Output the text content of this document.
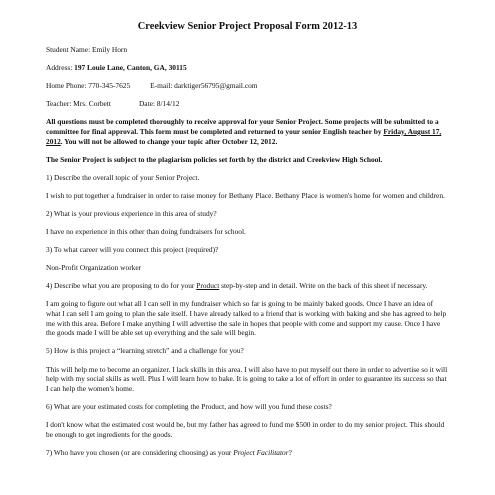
Creekview Senior Project Proposal Form 2012-13

Student Name: Emily Horn

Address: 197 Louie Lane, Canton, GA, 30115

Home Phone: 770-345-7625	E-mail: darktiger56795@gmail.com

Teacher: Mrs. Corbett	Date: 8/14/12

All questions must be completed thoroughly to receive approval for your Senior Project. Some projects will be submitted to a committee for final approval. This form must be completed and returned to your senior English teacher by Friday, August 17, 2012. You will not be allowed to change your topic after October 12, 2012.

The Senior Project is subject to the plagiarism policies set forth by the district and Creekview High School.

1) Describe the overall topic of your Senior Project.

I wish to put together a fundraiser in order to raise money for Bethany Place. Bethany Place is women's home for women and children.

2) What is your previous experience in this area of study?

I have no experience in this other than doing fundraisers for school.

3) To what career will you connect this project (required)?

Non-Profit Organization worker

4) Describe what you are proposing to do for your Product step-by-step and in detail. Write on the back of this sheet if necessary.

I am going to figure out what all I can sell in my fundraiser which so far is going to be mainly baked goods. Once I have an idea of what I can sell I am going to plan the sale itself. I have already talked to a friend that is working with baking and she has agreed to help me with this area. Before I make anything I will advertise the sale in hopes that people with come and support my cause. Once I have the goods made I will be able set up everything and the sale will begin.

5) How is this project a “learning stretch” and a challenge for you?

This will help me to become an organizer. I lack skills in this area. I will also have to put myself out there in order to advertise so it will help with my social skills as well. Plus I will learn how to bake. It is going to take a lot of effort in order to guarantee its success so that I can help the women's home.

6) What are your estimated costs for completing the Product, and how will you fund these costs?

I don't know what the estimated cost would be, but my father has agreed to fund me $500 in order to do my senior project. This should be enough to get ingredients for the goods.

7) Who have you chosen (or are considering choosing) as your Project Facilitator?
